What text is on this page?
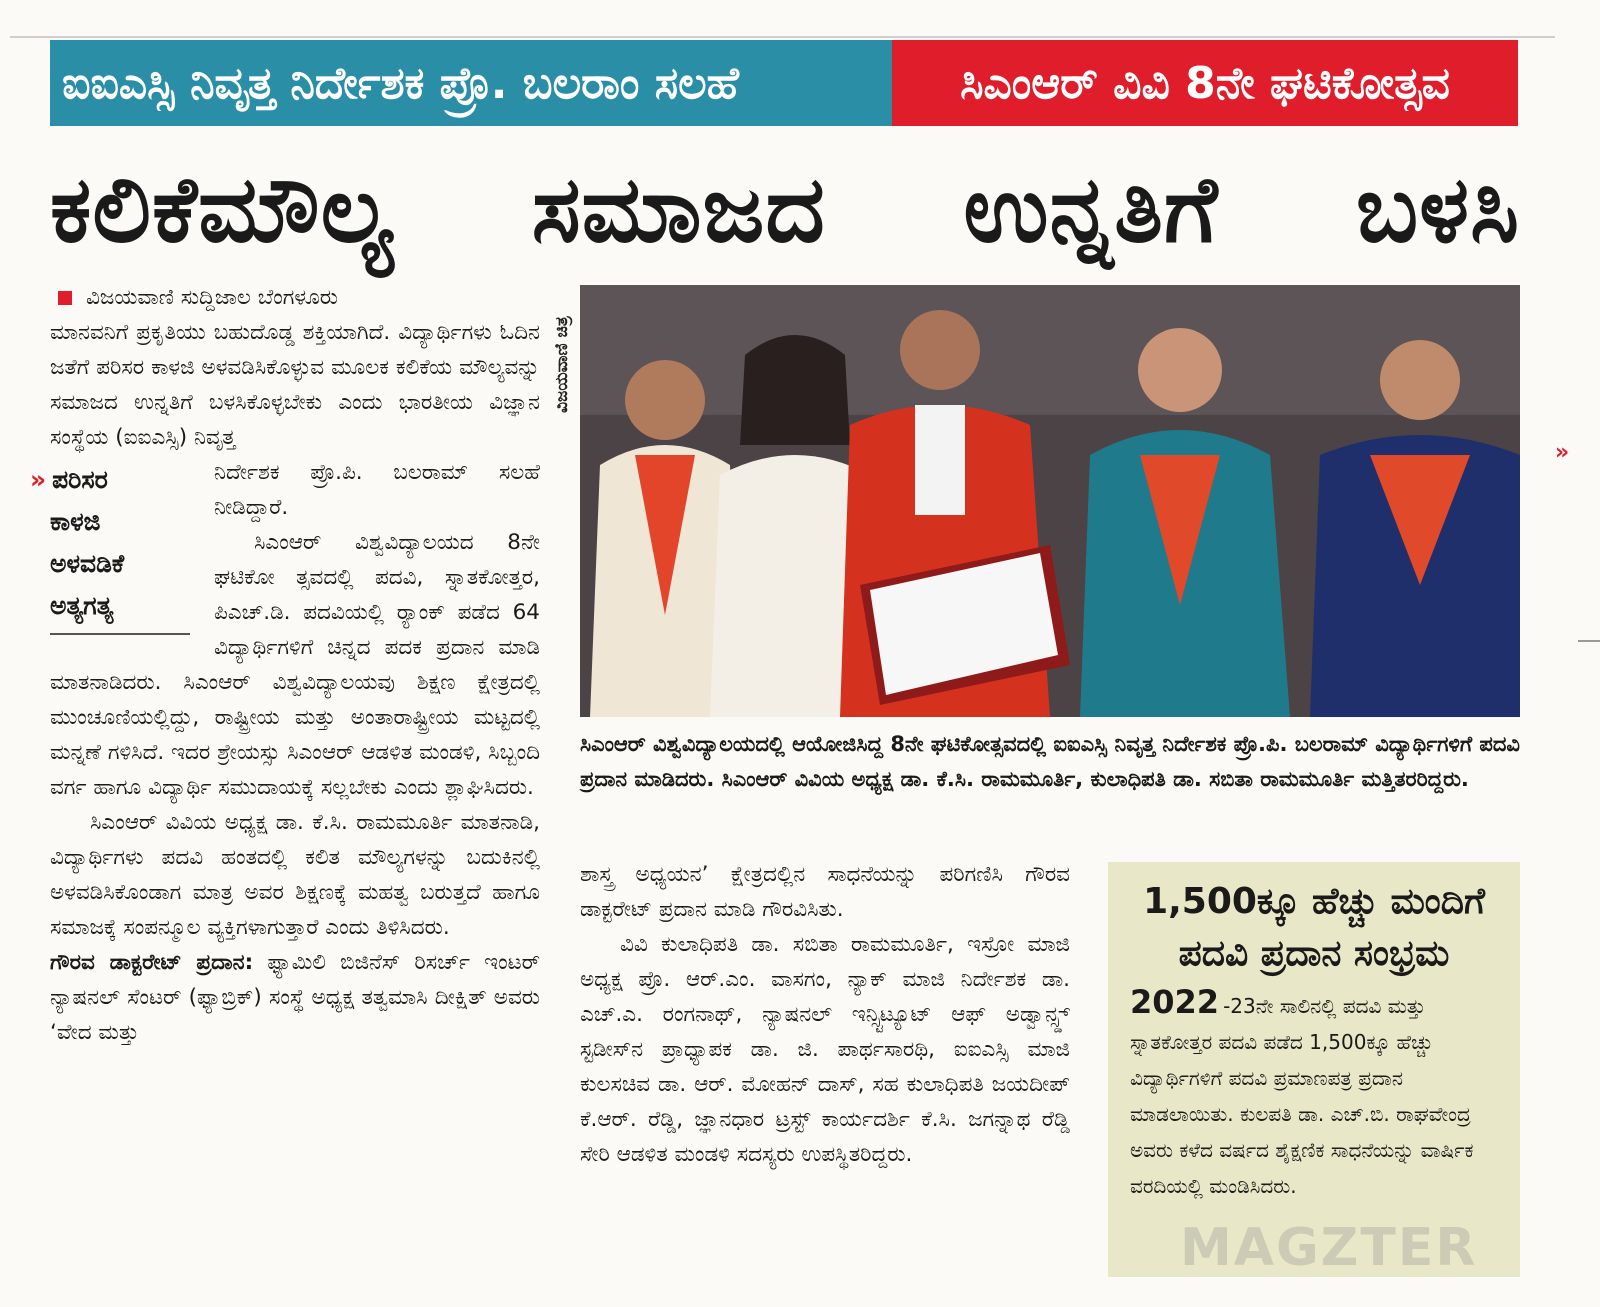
ಐಐಎಸ್ಸಿ ನಿವೃತ್ತ ನಿರ್ದೇಶಕ ಪ್ರೊ. ಬಲರಾಂ ಸಲಹೆ	ಸಿಎಂಆರ್ ವಿವಿ 8ನೇ ಘಟಿಕೋತ್ಸವ
ಕಲಿಕೆಮೌಲ್ಯ ಸಮಾಜದ ಉನ್ನತಿಗೆ ಬಳಸಿ
ವಿಜಯವಾಣಿ ಸುದ್ದಿಜಾಲ ಬೆಂಗಳೂರು

ಮಾನವನಿಗೆ ಪ್ರಕೃತಿಯು ಬಹುದೊಡ್ಡ ಶಕ್ತಿಯಾಗಿದೆ. ವಿದ್ಯಾರ್ಥಿಗಳು ಓದಿನ ಜತೆಗೆ ಪರಿಸರ ಕಾಳಜಿ ಅಳವಡಿಸಿಕೊಳ್ಳುವ ಮೂಲಕ ಕಲಿಕೆಯ ಮೌಲ್ಯವನ್ನು ಸಮಾಜದ ಉನ್ನತಿಗೆ ಬಳಸಿಕೊಳ್ಳಬೇಕು ಎಂದು ಭಾರತೀಯ ವಿಜ್ಞಾನ ಸಂಸ್ಥೆಯ (ಐಐಎಸ್ಸಿ) ನಿವೃತ್ತ

» ಪರಿಸರ
ಕಾಳಜಿ
ಅಳವಡಿಕೆ
ಅತ್ಯಗತ್ಯ

ನಿರ್ದೇಶಕ ಪ್ರೊ.ಪಿ. ಬಲರಾಮ್ ಸಲಹೆ ನೀಡಿದ್ದಾರೆ.

ಸಿಎಂಆರ್ ವಿಶ್ವವಿದ್ಯಾಲಯದ 8ನೇ ಘಟಿಕೋ ತ್ಸವದಲ್ಲಿ ಪದವಿ, ಸ್ನಾತಕೋತ್ತರ, ಪಿಎಚ್.ಡಿ. ಪದವಿಯಲ್ಲಿ ರ‍್ಯಾಂಕ್ ಪಡೆದ 64 ವಿದ್ಯಾರ್ಥಿಗಳಿಗೆ ಚಿನ್ನದ ಪದಕ ಪ್ರದಾನ ಮಾಡಿ ಮಾತನಾಡಿದರು. ಸಿಎಂಆರ್ ವಿಶ್ವವಿದ್ಯಾಲಯವು ಶಿಕ್ಷಣ ಕ್ಷೇತ್ರದಲ್ಲಿ ಮುಂಚೂಣಿಯಲ್ಲಿದ್ದು, ರಾಷ್ಟ್ರೀಯ ಮತ್ತು ಅಂತಾರಾಷ್ಟ್ರೀಯ ಮಟ್ಟದಲ್ಲಿ ಮನ್ನಣೆ ಗಳಿಸಿದೆ. ಇದರ ಶ್ರೇಯಸ್ಸು ಸಿಎಂಆರ್ ಆಡಳಿತ ಮಂಡಳಿ, ಸಿಬ್ಬಂದಿ ವರ್ಗ ಹಾಗೂ ವಿದ್ಯಾರ್ಥಿ ಸಮುದಾಯಕ್ಕೆ ಸಲ್ಲಬೇಕು ಎಂದು ಶ್ಲಾಘಿಸಿದರು.

ಸಿಎಂಆರ್ ವಿವಿಯ ಅಧ್ಯಕ್ಷ ಡಾ. ಕೆ.ಸಿ. ರಾಮಮೂರ್ತಿ ಮಾತನಾಡಿ, ವಿದ್ಯಾರ್ಥಿಗಳು ಪದವಿ ಹಂತದಲ್ಲಿ ಕಲಿತ ಮೌಲ್ಯಗಳನ್ನು ಬದುಕಿನಲ್ಲಿ ಅಳವಡಿಸಿಕೊಂಡಾಗ ಮಾತ್ರ ಅವರ ಶಿಕ್ಷಣಕ್ಕೆ ಮಹತ್ವ ಬರುತ್ತದೆ ಹಾಗೂ ಸಮಾಜಕ್ಕೆ ಸಂಪನ್ಮೂಲ ವ್ಯಕ್ತಿಗಳಾಗುತ್ತಾರೆ ಎಂದು ತಿಳಿಸಿದರು.

ಗೌರವ ಡಾಕ್ಟರೇಟ್ ಪ್ರದಾನ: ಫ್ಯಾಮಿಲಿ ಬಿಜಿನೆಸ್ ರಿಸರ್ಚ್ ಇಂಟರ್ ನ್ಯಾಷನಲ್ ಸೆಂಟರ್ (ಫ್ಯಾಬ್ರಿಕ್) ಸಂಸ್ಥೆ ಅಧ್ಯಕ್ಷ ತತ್ವಮಾಸಿ ದೀಕ್ಷಿತ್ ಅವರು ‘ವೇದ ಮತ್ತು

ವಿಜಯವಾಣಿ ಚಿತ್ರ
ಸಿಎಂಆರ್ ವಿಶ್ವವಿದ್ಯಾಲಯದಲ್ಲಿ ಆಯೋಜಿಸಿದ್ದ 8ನೇ ಘಟಿಕೋತ್ಸವದಲ್ಲಿ ಐಐಎಸ್ಸಿ ನಿವೃತ್ತ ನಿರ್ದೇಶಕ ಪ್ರೊ.ಪಿ. ಬಲರಾಮ್ ವಿದ್ಯಾರ್ಥಿಗಳಿಗೆ ಪದವಿ ಪ್ರದಾನ ಮಾಡಿದರು. ಸಿಎಂಆರ್ ವಿವಿಯ ಅಧ್ಯಕ್ಷ ಡಾ. ಕೆ.ಸಿ. ರಾಮಮೂರ್ತಿ, ಕುಲಾಧಿಪತಿ ಡಾ. ಸಬಿತಾ ರಾಮಮೂರ್ತಿ ಮತ್ತಿತರರಿದ್ದರು.

ಶಾಸ್ತ್ರ ಅಧ್ಯಯನ’ ಕ್ಷೇತ್ರದಲ್ಲಿನ ಸಾಧನೆಯನ್ನು ಪರಿಗಣಿಸಿ ಗೌರವ ಡಾಕ್ಟರೇಟ್ ಪ್ರದಾನ ಮಾಡಿ ಗೌರವಿಸಿತು.

ವಿವಿ ಕುಲಾಧಿಪತಿ ಡಾ. ಸಬಿತಾ ರಾಮಮೂರ್ತಿ, ಇಸ್ರೋ ಮಾಜಿ ಅಧ್ಯಕ್ಷ ಪ್ರೊ. ಆರ್.ಎಂ. ವಾಸಗಂ, ನ್ಯಾಕ್ ಮಾಜಿ ನಿರ್ದೇಶಕ ಡಾ. ಎಚ್.ಎ. ರಂಗನಾಥ್, ನ್ಯಾಷನಲ್ ಇನ್ಸ್ಟಿಟ್ಯೂಟ್ ಆಫ್ ಅಡ್ವಾನ್ಸ್ಡ್ ಸ್ಟಡೀಸ್‌ನ ಪ್ರಾಧ್ಯಾಪಕ ಡಾ. ಜಿ. ಪಾರ್ಥಸಾರಥಿ, ಐಐಎಸ್ಸಿ ಮಾಜಿ ಕುಲಸಚಿವ ಡಾ. ಆರ್. ಮೋಹನ್ ದಾಸ್, ಸಹ ಕುಲಾಧಿಪತಿ ಜಯದೀಪ್ ಕೆ.ಆರ್. ರೆಡ್ಡಿ, ಜ್ಞಾನಧಾರ ಟ್ರಸ್ಟ್ ಕಾರ್ಯದರ್ಶಿ ಕೆ.ಸಿ. ಜಗನ್ನಾಥ ರೆಡ್ಡಿ ಸೇರಿ ಆಡಳಿತ ಮಂಡಳಿ ಸದಸ್ಯರು ಉಪಸ್ಥಿತರಿದ್ದರು.

1,500ಕ್ಕೂ ಹೆಚ್ಚು ಮಂದಿಗೆ ಪದವಿ ಪ್ರದಾನ ಸಂಭ್ರಮ
2022 -23ನೇ ಸಾಲಿನಲ್ಲಿ ಪದವಿ ಮತ್ತು ಸ್ನಾತಕೋತ್ತರ ಪದವಿ ಪಡೆದ 1,500ಕ್ಕೂ ಹೆಚ್ಚು ವಿದ್ಯಾರ್ಥಿಗಳಿಗೆ ಪದವಿ ಪ್ರಮಾಣಪತ್ರ ಪ್ರದಾನ ಮಾಡಲಾಯಿತು. ಕುಲಪತಿ ಡಾ. ಎಚ್.ಬಿ. ರಾಘವೇಂದ್ರ ಅವರು ಕಳೆದ ವರ್ಷದ ಶೈಕ್ಷಣಿಕ ಸಾಧನೆಯನ್ನು ವಾರ್ಷಿಕ ವರದಿಯಲ್ಲಿ ಮಂಡಿಸಿದರು.
MAGZTER
»
